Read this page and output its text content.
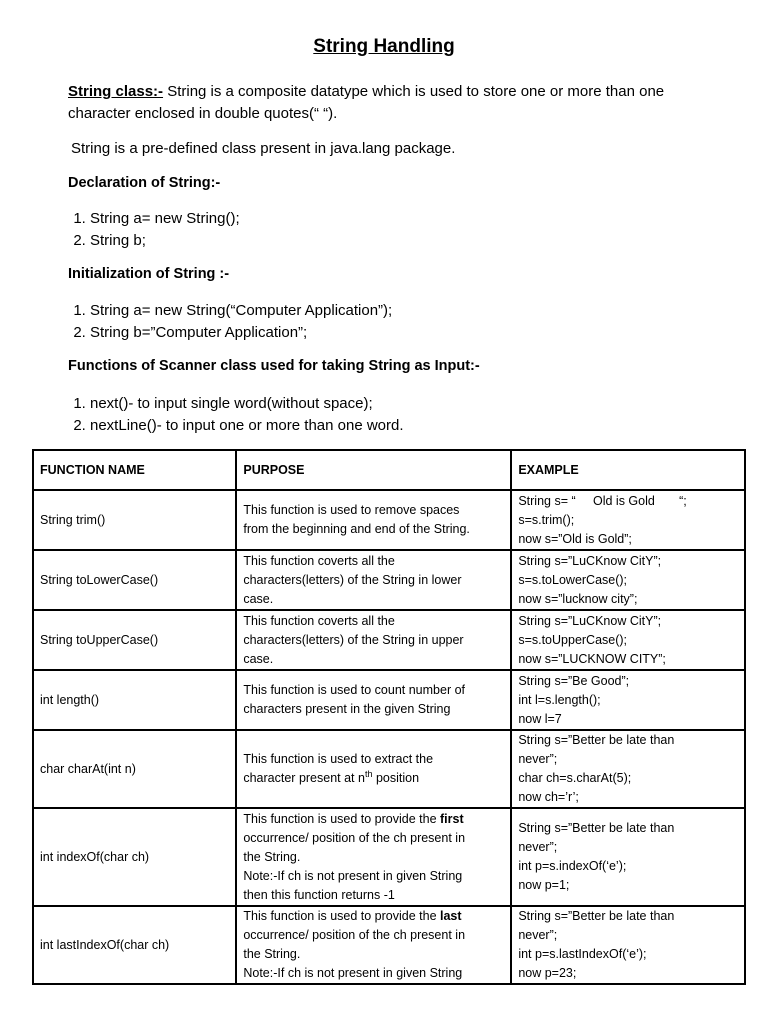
String Handling
String class:- String is a composite datatype which is used to store one or more than one character enclosed in double quotes(“ “).
String is a pre-defined class present in java.lang package.
Declaration of String:-
1. String a= new String();
2. String b;
Initialization of String :-
1. String a= new String(“Computer Application”);
2. String b=”Computer Application”;
Functions of Scanner class used for taking String as Input:-
1. next()- to input single word(without space);
2. nextLine()- to input one or more than one word.
FUNCTION NAME	PURPOSE	EXAMPLE
String trim()	This function is used to remove spaces
from the beginning and end of the String.	String s= “     Old is Gold       “;
s=s.trim();
now s=”Old is Gold”;

String toLowerCase()	This function coverts all the
characters(letters) of the String in lower
case.	String s=”LuCKnow CitY”;
s=s.toLowerCase();
now s=”lucknow city”;

String toUpperCase()	This function coverts all the
characters(letters) of the String in upper
case.	String s=”LuCKnow CitY”;
s=s.toUpperCase();
now s=”LUCKNOW CITY”;

int length()	This function is used to count number of
characters present in the given String	String s=”Be Good”;
int l=s.length();
now l=7

char charAt(int n)	This function is used to extract the
character present at $n^{th}$ position	String s=”Better be late than
never”;
char ch=s.charAt(5);
now ch=’r’;

int indexOf(char ch)	This function is used to provide the first
occurrence/ position of the ch present in
the String.
Note:-If ch is not present in given String
then this function returns -1	String s=”Better be late than
never”;
int p=s.indexOf(‘e’);
now p=1;

int lastIndexOf(char ch)	This function is used to provide the last
occurrence/ position of the ch present in
the String.
Note:-If ch is not present in given String	String s=”Better be late than
never”;
int p=s.lastIndexOf(‘e’);
now p=23;
